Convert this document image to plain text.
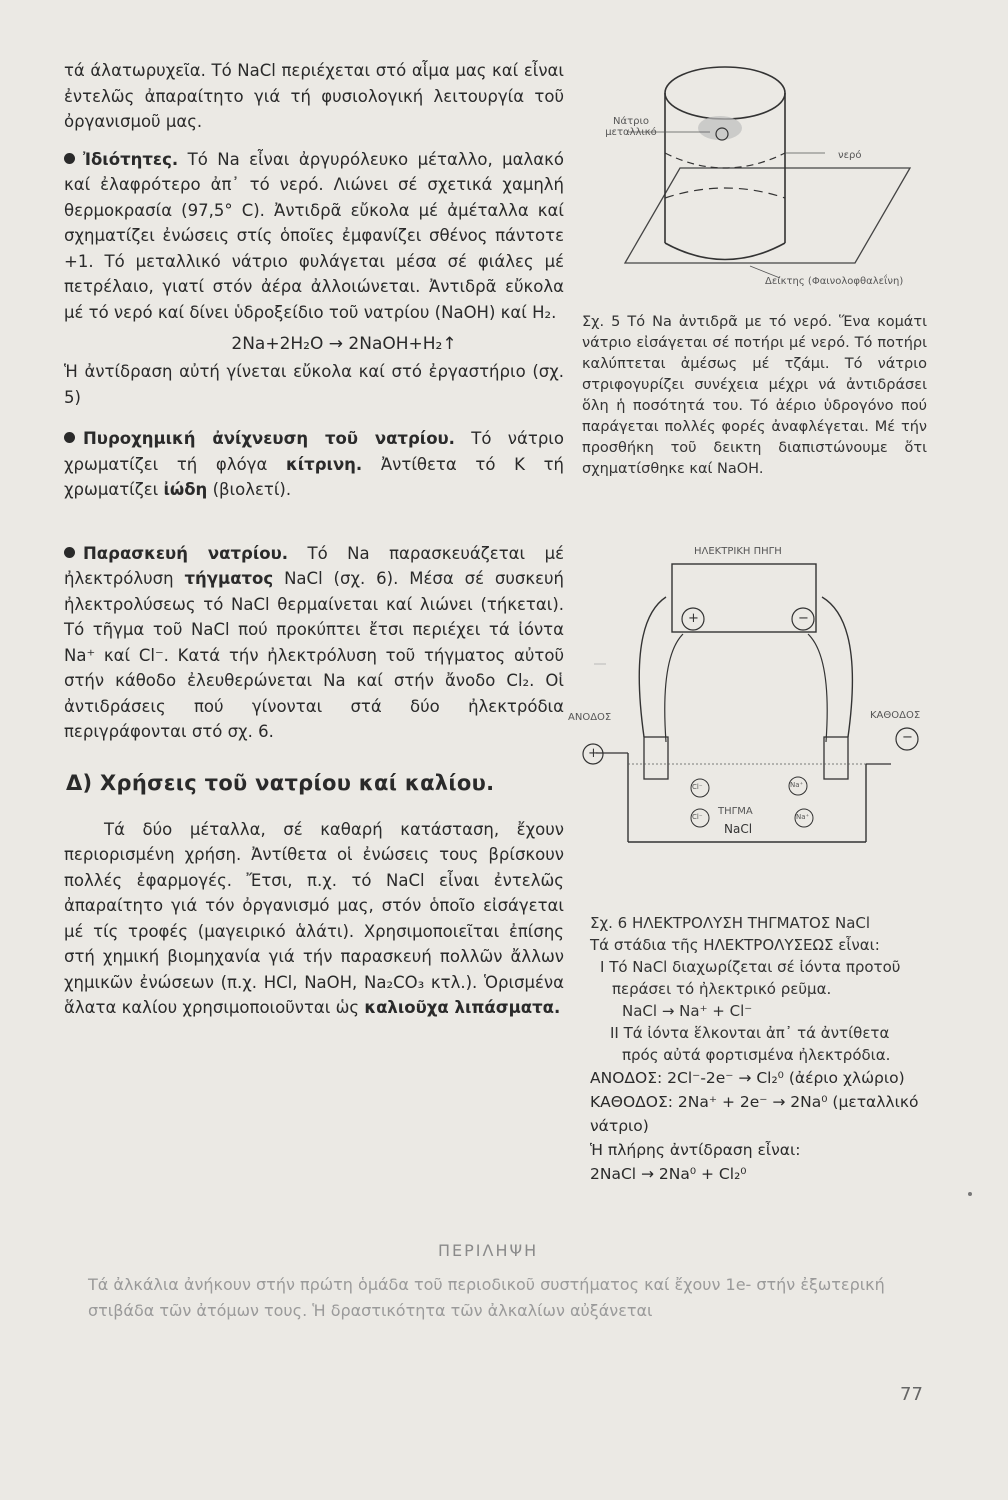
τά άλατωρυχεῖα. Τό NaCl περιέχεται στό αἷμα μας καί εἶναι ἐντελῶς ἀπαραίτητο γιά τή φυσιολογική λειτουργία τοῦ ὀργανισμοῦ μας.

Ἰδιότητες. Τό Na εἶναι ἀργυρόλευκο μέταλλο, μαλακό καί ἐλαφρότερο ἀπ᾿ τό νερό. Λιώνει σέ σχετικά χαμηλή θερμοκρασία (97,5° C). Ἀντιδρᾶ εὔκολα μέ ἀμέταλλα καί σχηματίζει ἐνώσεις στίς ὁποῖες ἐμφανίζει σθένος πάντοτε +1. Τό μεταλλικό νάτριο φυλάγεται μέσα σέ φιάλες μέ πετρέλαιο, γιατί στόν ἀέρα ἀλλοιώνεται. Ἀντιδρᾶ εὔκολα μέ τό νερό καί δίνει ὑδροξείδιο τοῦ νατρίου (NaOH) καί H₂.

2Na+2H₂O → 2NaOH+H₂↑

Ἡ ἀντίδραση αὐτή γίνεται εὔκολα καί στό ἐργαστήριο (σχ. 5)

Πυροχημική ἀνίχνευση τοῦ νατρίου. Τό νάτριο χρωματίζει τή φλόγα κίτρινη. Ἀντίθετα τό K τή χρωματίζει ἰώδη (βιολετί).

Παρασκευή νατρίου. Τό Na παρασκευάζεται μέ ἠλεκτρόλυση τήγματος NaCl (σχ. 6). Μέσα σέ συσκευή ἠλεκτρολύσεως τό NaCl θερμαίνεται καί λιώνει (τήκεται). Τό τῆγμα τοῦ NaCl πού προκύπτει ἔτσι περιέχει τά ἰόντα Na⁺ καί Cl⁻. Κατά τήν ἠλεκτρόλυση τοῦ τήγματος αὐτοῦ στήν κάθοδο ἐλευθερώνεται Na καί στήν ἄνοδο Cl₂. Οἱ ἀντιδράσεις πού γίνονται στά δύο ἠλεκτρόδια περιγράφονται στό σχ. 6.

Δ) Χρήσεις τοῦ νατρίου καί καλίου.

Τά δύο μέταλλα, σέ καθαρή κατάσταση, ἔχουν περιορισμένη χρήση. Ἀντίθετα οἱ ἐνώσεις τους βρίσκουν πολλές ἐφαρμογές. Ἔτσι, π.χ. τό NaCl εἶναι ἐντελῶς ἀπαραίτητο γιά τόν ὀργανισμό μας, στόν ὁποῖο εἰσάγεται μέ τίς τροφές (μαγειρικό ἁλάτι). Χρησιμοποιεῖται ἐπίσης στή χημική βιομηχανία γιά τήν παρασκευή πολλῶν ἄλλων χημικῶν ἐνώσεων (π.χ. HCl, NaOH, Na₂CO₃ κτλ.). Ὁρισμένα ἅλατα καλίου χρησιμοποιοῦνται ὡς καλιοῦχα λιπάσματα.

Νάτριο μεταλλικό
νερό
Δείκτης (Φαινολοφθαλεΐνη)

Σχ. 5 Τό Na ἀντιδρᾶ με τό νερό. Ἕνα κομάτι νάτριο εἰσάγεται σέ ποτήρι μέ νερό. Τό ποτήρι καλύπτεται ἀμέσως μέ τζάμι. Τό νάτριο στριφογυρίζει συνέχεια μέχρι νά ἀντιδράσει ὅλη ἡ ποσότητά του. Τό ἀέριο ὑδρογόνο πού παράγεται πολλές φορές ἀναφλέγεται. Μέ τήν προσθήκη τοῦ δεικτη διαπιστώνουμε ὅτι σχηματίσθηκε καί NaOH.

ΗΛΕΚΤΡΙΚΗ ΠΗΓΗ
+	−
+
−
ΑΝΟΔΟΣ	ΚΑΘΟΔΟΣ
Cl⁻
Cl⁻
Na⁺
Na⁺
ΤΗΓΜΑ
NaCl

Σχ. 6 ΗΛΕΚΤΡΟΛΥΣΗ ΤΗΓΜΑΤΟΣ NaCl

Τά στάδια τῆς ΗΛΕΚΤΡΟΛΥΣΕΩΣ εἶναι:

Ι Τό NaCl διαχωρίζεται σέ ἰόντα προτοῦ περάσει τό ἠλεκτρικό ρεῦμα.

NaCl → Na⁺ + Cl⁻

ΙΙ Τά ἰόντα ἕλκονται ἀπ᾿ τά ἀντίθετα πρός αὐτά φορτισμένα ἠλεκτρόδια.

ΑΝΟΔΟΣ: 2Cl⁻-2e⁻ → Cl₂⁰ (ἀέριο χλώριο)

ΚΑΘΟΔΟΣ: 2Na⁺ + 2e⁻ → 2Na⁰ (μεταλλικό νάτριο)

Ἡ πλήρης ἀντίδραση εἶναι:

2NaCl → 2Na⁰ + Cl₂⁰

ΠΕΡΙΛΗΨΗ

Τά ἀλκάλια ἀνήκουν στήν πρώτη ὁμάδα τοῦ περιοδικοῦ συστήματος καί ἔχουν 1e- στήν ἐξωτερική στιβάδα τῶν ἀτόμων τους. Ἡ δραστικότητα τῶν ἀλκαλίων αὐξάνεται

77
